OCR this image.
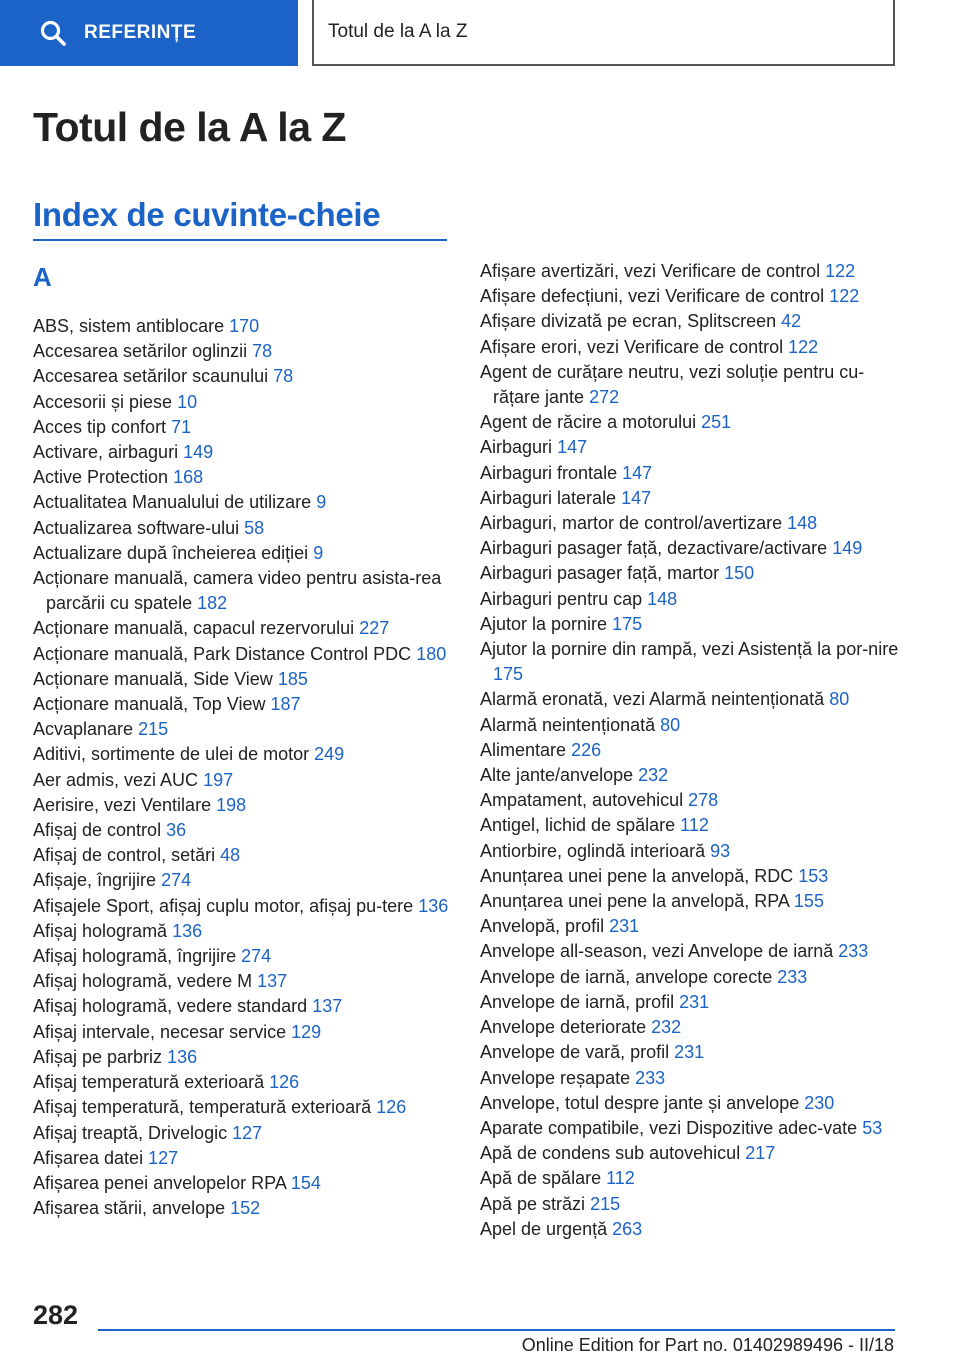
REFERINȚE	Totul de la A la Z
Totul de la A la Z
Index de cuvinte-cheie
A
ABS, sistem antiblocare 170
Accesarea setărilor oglinzii 78
Accesarea setărilor scaunului 78
Accesorii și piese 10
Acces tip confort 71
Activare, airbaguri 149
Active Protection 168
Actualitatea Manualului de utilizare 9
Actualizarea software-ului 58
Actualizare după încheierea ediției 9
Acționare manuală, camera video pentru asista‐rea parcării cu spatele 182
Acționare manuală, capacul rezervorului 227
Acționare manuală, Park Distance Control PDC 180
Acționare manuală, Side View 185
Acționare manuală, Top View 187
Acvaplanare 215
Aditivi, sortimente de ulei de motor 249
Aer admis, vezi AUC 197
Aerisire, vezi Ventilare 198
Afișaj de control 36
Afișaj de control, setări 48
Afișaje, îngrijire 274
Afișajele Sport, afișaj cuplu motor, afișaj pu‐tere 136
Afișaj hologramă 136
Afișaj hologramă, îngrijire 274
Afișaj hologramă, vedere M 137
Afișaj hologramă, vedere standard 137
Afișaj intervale, necesar service 129
Afișaj pe parbriz 136
Afișaj temperatură exterioară 126
Afișaj temperatură, temperatură exterioară 126
Afișaj treaptă, Drivelogic 127
Afișarea datei 127
Afișarea penei anvelopelor RPA 154
Afișarea stării, anvelope 152
Afișare avertizări, vezi Verificare de control 122
Afișare defecțiuni, vezi Verificare de control 122
Afișare divizată pe ecran, Splitscreen 42
Afișare erori, vezi Verificare de control 122
Agent de curățare neutru, vezi soluție pentru cu‐rățare jante 272
Agent de răcire a motorului 251
Airbaguri 147
Airbaguri frontale 147
Airbaguri laterale 147
Airbaguri, martor de control/avertizare 148
Airbaguri pasager față, dezactivare/activare 149
Airbaguri pasager față, martor 150
Airbaguri pentru cap 148
Ajutor la pornire 175
Ajutor la pornire din rampă, vezi Asistență la por‐nire 175
Alarmă eronată, vezi Alarmă neintenționată 80
Alarmă neintenționată 80
Alimentare 226
Alte jante/anvelope 232
Ampatament, autovehicul 278
Antigel, lichid de spălare 112
Antiorbire, oglindă interioară 93
Anunțarea unei pene la anvelopă, RDC 153
Anunțarea unei pene la anvelopă, RPA 155
Anvelopă, profil 231
Anvelope all-season, vezi Anvelope de iarnă 233
Anvelope de iarnă, anvelope corecte 233
Anvelope de iarnă, profil 231
Anvelope deteriorate 232
Anvelope de vară, profil 231
Anvelope reșapate 233
Anvelope, totul despre jante și anvelope 230
Aparate compatibile, vezi Dispozitive adec‐vate 53
Apă de condens sub autovehicul 217
Apă de spălare 112
Apă pe străzi 215
Apel de urgență 263
282
Online Edition for Part no. 01402989496 - II/18
